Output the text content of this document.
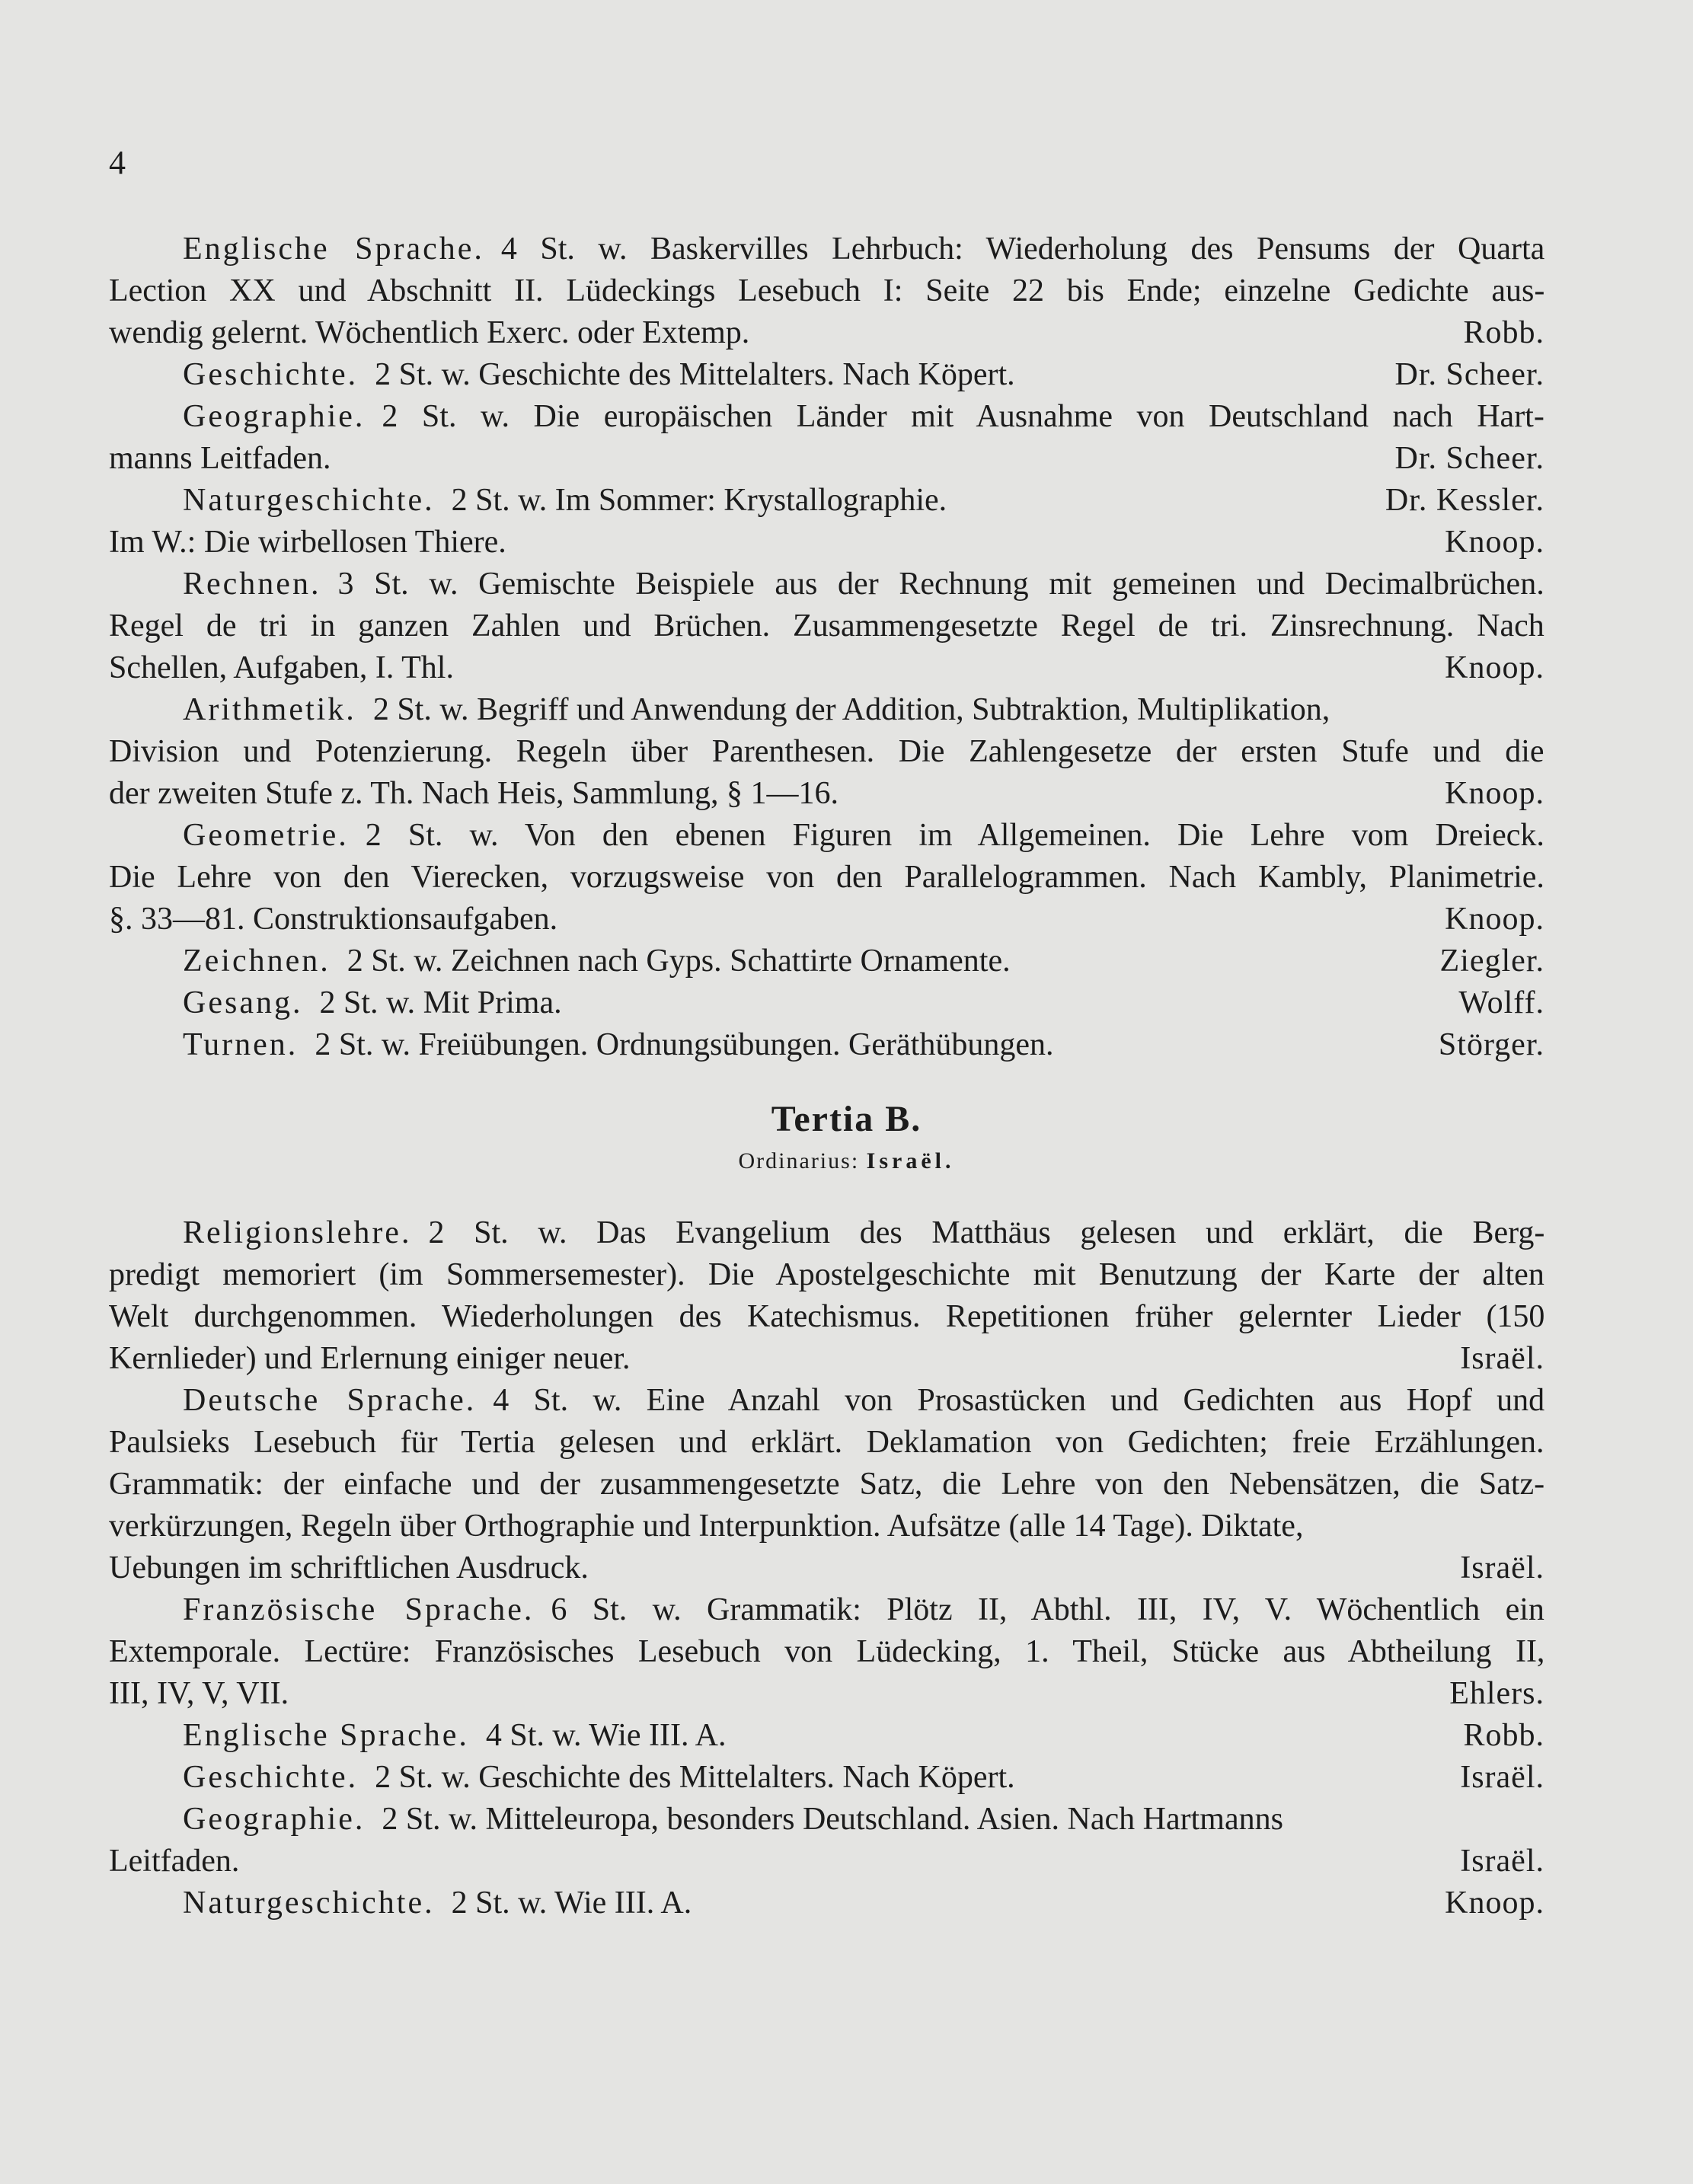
4
Englische Sprache. 4 St. w. Baskervilles Lehrbuch: Wiederholung des Pensums der Quarta
Lection XX und Abschnitt II. Lüdeckings Lesebuch I: Seite 22 bis Ende; einzelne Gedichte aus-
wendig gelernt. Wöchentlich Exerc. oder Extemp.	Robb.
Geschichte. 2 St. w. Geschichte des Mittelalters. Nach Köpert.	Dr. Scheer.
Geographie. 2 St. w. Die europäischen Länder mit Ausnahme von Deutschland nach Hart-
manns Leitfaden.	Dr. Scheer.
Naturgeschichte. 2 St. w. Im Sommer: Krystallographie.	Dr. Kessler.
Im W.: Die wirbellosen Thiere.	Knoop.
Rechnen. 3 St. w. Gemischte Beispiele aus der Rechnung mit gemeinen und Decimalbrüchen.
Regel de tri in ganzen Zahlen und Brüchen. Zusammengesetzte Regel de tri. Zinsrechnung. Nach
Schellen, Aufgaben, I. Thl.	Knoop.
Arithmetik. 2 St. w. Begriff und Anwendung der Addition, Subtraktion, Multiplikation,
Division und Potenzierung. Regeln über Parenthesen. Die Zahlengesetze der ersten Stufe und die
der zweiten Stufe z. Th. Nach Heis, Sammlung, § 1—16.	Knoop.
Geometrie. 2 St. w. Von den ebenen Figuren im Allgemeinen. Die Lehre vom Dreieck.
Die Lehre von den Vierecken, vorzugsweise von den Parallelogrammen. Nach Kambly, Planimetrie.
§. 33—81. Construktionsaufgaben.	Knoop.
Zeichnen. 2 St. w. Zeichnen nach Gyps. Schattirte Ornamente.	Ziegler.
Gesang. 2 St. w. Mit Prima.	Wolff.
Turnen. 2 St. w. Freiübungen. Ordnungsübungen. Geräthübungen.	Störger.
Tertia B.
Ordinarius: Israël.
Religionslehre. 2 St. w. Das Evangelium des Matthäus gelesen und erklärt, die Berg-
predigt memoriert (im Sommersemester). Die Apostelgeschichte mit Benutzung der Karte der alten
Welt durchgenommen. Wiederholungen des Katechismus. Repetitionen früher gelernter Lieder (150
Kernlieder) und Erlernung einiger neuer.	Israël.
Deutsche Sprache. 4 St. w. Eine Anzahl von Prosastücken und Gedichten aus Hopf und
Paulsieks Lesebuch für Tertia gelesen und erklärt. Deklamation von Gedichten; freie Erzählungen.
Grammatik: der einfache und der zusammengesetzte Satz, die Lehre von den Nebensätzen, die Satz-
verkürzungen, Regeln über Orthographie und Interpunktion. Aufsätze (alle 14 Tage). Diktate,
Uebungen im schriftlichen Ausdruck.	Israël.
Französische Sprache. 6 St. w. Grammatik: Plötz II, Abthl. III, IV, V. Wöchentlich ein
Extemporale. Lectüre: Französisches Lesebuch von Lüdecking, 1. Theil, Stücke aus Abtheilung II,
III, IV, V, VII.	Ehlers.
Englische Sprache. 4 St. w. Wie III. A.	Robb.
Geschichte. 2 St. w. Geschichte des Mittelalters. Nach Köpert.	Israël.
Geographie. 2 St. w. Mitteleuropa, besonders Deutschland. Asien. Nach Hartmanns
Leitfaden.	Israël.
Naturgeschichte. 2 St. w. Wie III. A.	Knoop.
